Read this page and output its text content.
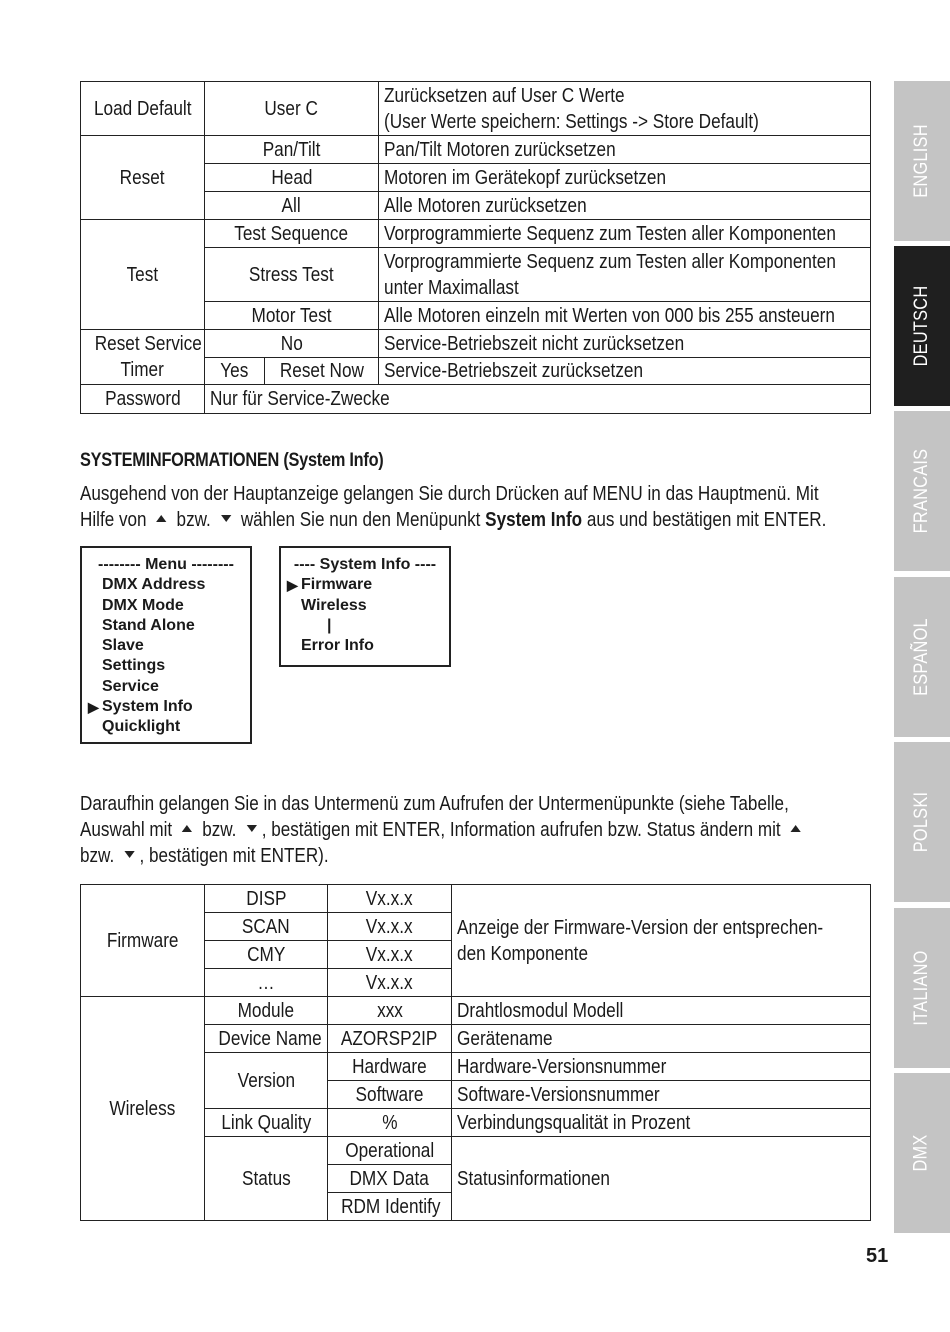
Load Default	User C		Zurücksetzen auf User C Werte
(User Werte speichern: Settings -> Store Default)
Reset	Pan/Tilt		Pan/Tilt Motoren zurücksetzen
	Head		Motoren im Gerätekopf zurücksetzen
	All		Alle Motoren zurücksetzen
Test	Test Sequence		Vorprogrammierte Sequenz zum Testen aller Komponenten
	Stress Test		Vorprogrammierte Sequenz zum Testen aller Komponenten
unter Maximallast
	Motor Test		Alle Motoren einzeln mit Werten von 000 bis 255 ansteuern
Reset Service
Timer	No		Service-Betriebszeit nicht zurücksetzen
	Yes	Reset Now	Service-Betriebszeit zurücksetzen
Password	Nur für Service-Zwecke		
SYSTEMINFORMATIONEN (System Info)
Ausgehend von der Hauptanzeige gelangen Sie durch Drücken auf MENU in das Hauptmenü. Mit
Hilfe von bzw. wählen Sie nun den Menüpunkt System Info aus und bestätigen mit ENTER.
-------- Menu --------
DMX Address
DMX Mode
Stand Alone
Slave
Settings
Service
▶ System Info
Quicklight
---- System Info ----
▶ Firmware
Wireless
|
Error Info
Daraufhin gelangen Sie in das Untermenü zum Aufrufen der Untermenüpunkte (siehe Tabelle,
Auswahl mit bzw. , bestätigen mit ENTER, Information aufrufen bzw. Status ändern mit
bzw. , bestätigen mit ENTER).
Firmware	DISP	Vx.x.x	Anzeige der Firmware-Version der entsprechen-
den Komponente
	SCAN	Vx.x.x	
	CMY	Vx.x.x	
	…	Vx.x.x	
Wireless	Module	xxx	Drahtlosmodul Modell
	Device Name	AZORSP2IP	Gerätename
	Version	Hardware	Hardware-Versionsnummer
		Software	Software-Versionsnummer
	Link Quality	%	Verbindungsqualität in Prozent
	Status	Operational	Statusinformationen
		DMX Data	
		RDM Identify	
ENGLISH
DEUTSCH
FRANCAIS
ESPAÑOL
POLSKI
ITALIANO
DMX
51
